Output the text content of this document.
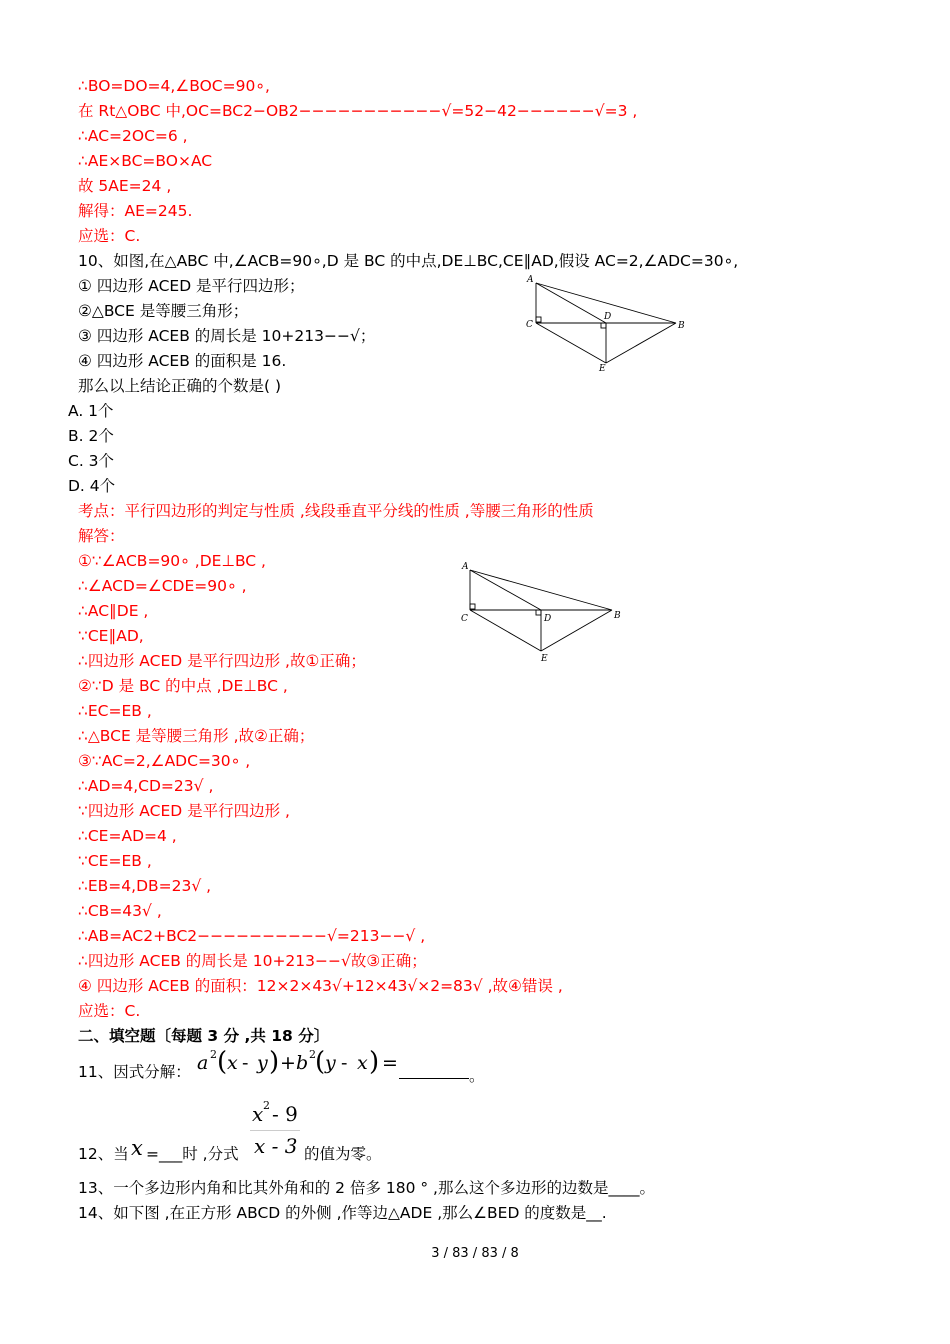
∴BO=DO=4,∠BOC=90∘,
在 Rt△OBC 中,OC=BC2−OB2−−−−−−−−−−−√=52−42−−−−−−√=3 ,
∴AC=2OC=6 ,
∴AE×BC=BO×AC
故 5AE=24 ,
解得：AE=245.
应选：C.
10、如图,在△ABC 中,∠ACB=90∘,D 是 BC 的中点,DE⊥BC,CE∥AD,假设 AC=2,∠ADC=30∘,
① 四边形 ACED 是平行四边形；
②△BCE 是等腰三角形；
③ 四边形 ACEB 的周长是 10+213−−√；
④ 四边形 ACEB 的面积是 16.
那么以上结论正确的个数是( )
A. 1个
B. 2个
C. 3个
D. 4个
A
C
D
B
E
考点：平行四边形的判定与性质 ,线段垂直平分线的性质 ,等腰三角形的性质
解答：
①∵∠ACB=90∘ ,DE⊥BC ,
∴∠ACD=∠CDE=90∘ ,
∴AC∥DE ,
∵CE∥AD,
∴四边形 ACED 是平行四边形 ,故①正确；
②∵D 是 BC 的中点 ,DE⊥BC ,
∴EC=EB ,
∴△BCE 是等腰三角形 ,故②正确；
③∵AC=2,∠ADC=30∘ ,
∴AD=4,CD=23√ ,
∵四边形 ACED 是平行四边形 ,
∴CE=AD=4 ,
∵CE=EB ,
∴EB=4,DB=23√ ,
∴CB=43√ ,
∴AB=AC2+BC2−−−−−−−−−−√=213−−√ ,
∴四边形 ACEB 的周长是 10+213−−√故③正确；
④ 四边形 ACEB 的面积：12×2×43√+12×43√×2=83√ ,故④错误 ,
应选：C.
A
C	D	B
E
二、填空题〔每题 3 分 ,共 18 分〕
11、因式分解： a 2 ( x - y ) + b 2 ( y - x ) =
。
x 2 - 9
x - 3
12、当 x =___时 ,分式	的值为零。
13、一个多边形内角和比其外角和的 2 倍多 180 ° ,那么这个多边形的边数是____。
14、如下图 ,在正方形 ABCD 的外侧 ,作等边△ADE ,那么∠BED 的度数是__.
3 / 83 / 83 / 8
